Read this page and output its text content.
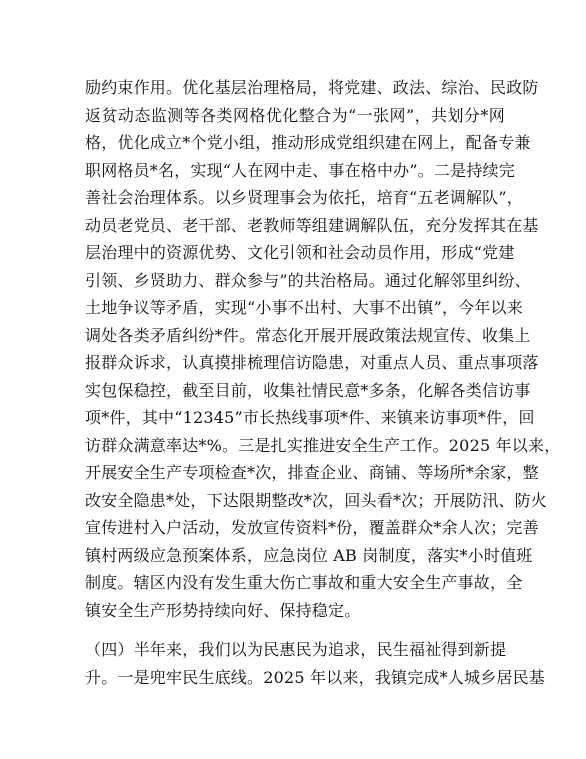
励约束作用。优化基层治理格局，将党建、政法、综治、民政防
返贫动态监测等各类网格优化整合为“一张网”，共划分*网
格，优化成立*个党小组，推动形成党组织建在网上，配备专兼
职网格员*名，实现“人在网中走、事在格中办”。二是持续完
善社会治理体系。以乡贤理事会为依托，培育“五老调解队”，
动员老党员、老干部、老教师等组建调解队伍，充分发挥其在基
层治理中的资源优势、文化引领和社会动员作用，形成“党建
引领、乡贤助力、群众参与”的共治格局。通过化解邻里纠纷、
土地争议等矛盾，实现“小事不出村、大事不出镇”，今年以来
调处各类矛盾纠纷*件。常态化开展开展政策法规宣传、收集上
报群众诉求，认真摸排梳理信访隐患，对重点人员、重点事项落
实包保稳控，截至目前，收集社情民意*多条，化解各类信访事
项*件，其中“12345”市长热线事项*件、来镇来访事项*件，回
访群众满意率达*%。三是扎实推进安全生产工作。2025 年以来，
开展安全生产专项检查*次，排查企业、商铺、等场所*余家，整
改安全隐患*处，下达限期整改*次，回头看*次；开展防汛、防火
宣传进村入户活动，发放宣传资料*份，覆盖群众*余人次；完善
镇村两级应急预案体系，应急岗位 AB 岗制度，落实*小时值班
制度。辖区内没有发生重大伤亡事故和重大安全生产事故，全
镇安全生产形势持续向好、保持稳定。
（四）半年来，我们以为民惠民为追求，民生福祉得到新提
升。一是兜牢民生底线。2025 年以来，我镇完成*人城乡居民基
